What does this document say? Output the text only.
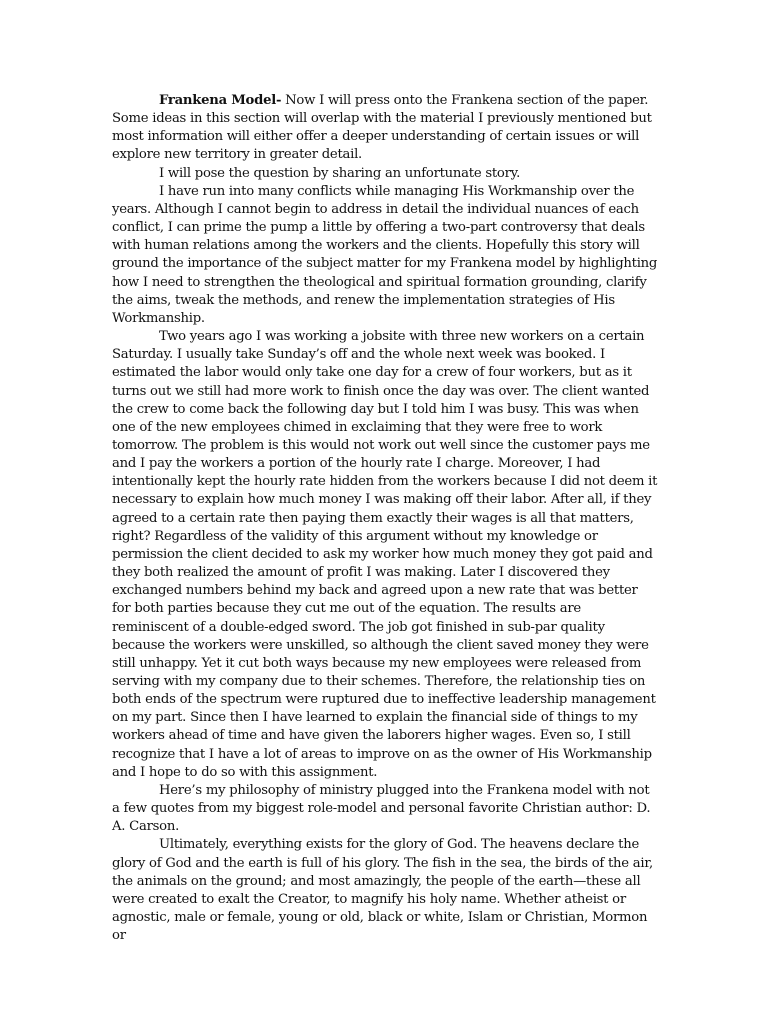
Frankena Model- Now I will press onto the Frankena section of the paper. Some ideas in this section will overlap with the material I previously mentioned but most information will either offer a deeper understanding of certain issues or will explore new territory in greater detail.

I will pose the question by sharing an unfortunate story.

I have run into many conflicts while managing His Workmanship over the years. Although I cannot begin to address in detail the individual nuances of each conflict, I can prime the pump a little by offering a two-part controversy that deals with human relations among the workers and the clients. Hopefully this story will ground the importance of the subject matter for my Frankena model by highlighting how I need to strengthen the theological and spiritual formation grounding, clarify the aims, tweak the methods, and renew the implementation strategies of His Workmanship.

Two years ago I was working a jobsite with three new workers on a certain Saturday. I usually take Sunday’s off and the whole next week was booked. I estimated the labor would only take one day for a crew of four workers, but as it turns out we still had more work to finish once the day was over. The client wanted the crew to come back the following day but I told him I was busy. This was when one of the new employees chimed in exclaiming that they were free to work tomorrow. The problem is this would not work out well since the customer pays me and I pay the workers a portion of the hourly rate I charge. Moreover, I had intentionally kept the hourly rate hidden from the workers because I did not deem it necessary to explain how much money I was making off their labor. After all, if they agreed to a certain rate then paying them exactly their wages is all that matters, right? Regardless of the validity of this argument without my knowledge or permission the client decided to ask my worker how much money they got paid and they both realized the amount of profit I was making. Later I discovered they exchanged numbers behind my back and agreed upon a new rate that was better for both parties because they cut me out of the equation. The results are reminiscent of a double-edged sword. The job got finished in sub-par quality because the workers were unskilled, so although the client saved money they were still unhappy. Yet it cut both ways because my new employees were released from serving with my company due to their schemes. Therefore, the relationship ties on both ends of the spectrum were ruptured due to ineffective leadership management on my part. Since then I have learned to explain the financial side of things to my workers ahead of time and have given the laborers higher wages. Even so, I still recognize that I have a lot of areas to improve on as the owner of His Workmanship and I hope to do so with this assignment.

Here’s my philosophy of ministry plugged into the Frankena model with not a few quotes from my biggest role-model and personal favorite Christian author: D. A. Carson.

Ultimately, everything exists for the glory of God. The heavens declare the glory of God and the earth is full of his glory. The fish in the sea, the birds of the air, the animals on the ground; and most amazingly, the people of the earth—these all were created to exalt the Creator, to magnify his holy name. Whether atheist or agnostic, male or female, young or old, black or white, Islam or Christian, Mormon or
